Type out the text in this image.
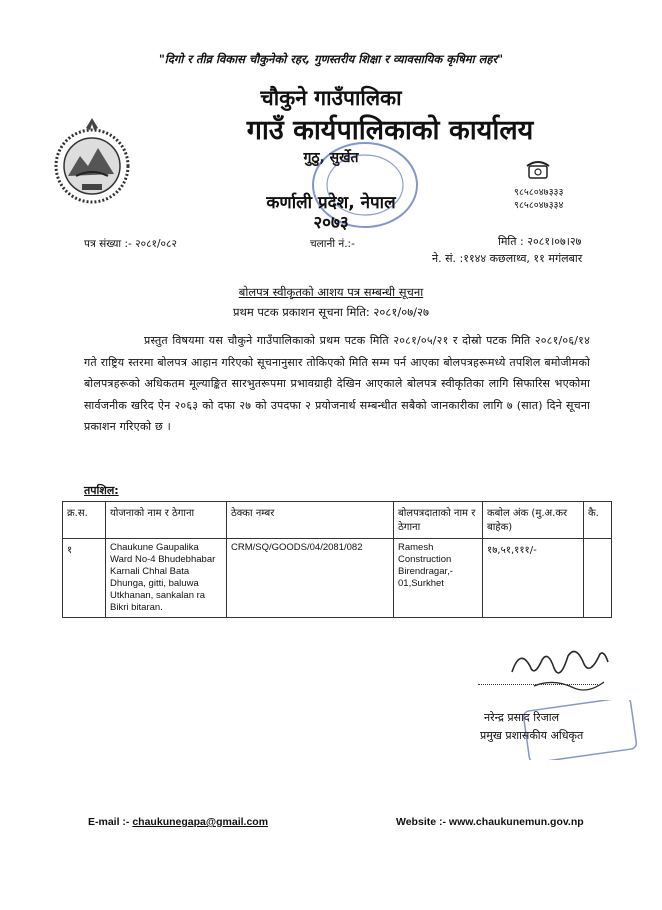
"दिगो र तीव्र विकास चौकुनेको रहर, गुणस्तरीय शिक्षा र व्यावसायिक कृषिमा लहर"
चौकुने गाउँपालिका
गाउँ कार्यपालिकाको कार्यालय
गुठु, सुर्खेत
९८५८०४७३३३
९८५८०४७३३४
कर्णाली प्रदेश, नेपाल
२०७३
पत्र संख्या :- २०८१/०८२	चलानी नं.:-	मिति : २०८१।०७।२७
ने. सं. :११४४ कछलाथ्व, ११ मगंलबार
बोलपत्र स्वीकृतको आशय पत्र सम्बन्धी सूचना
प्रथम पटक प्रकाशन सूचना मिति: २०८१/०७/२७
प्रस्तुत विषयमा यस चौकुने गाउँपालिकाको प्रथम पटक मिति २०८१/०५/२१ र दोस्रो पटक मिति २०८१/०६/१४ गते राष्ट्रिय स्तरमा बोलपत्र आहान गरिएको सूचनानुसार तोकिएको मिति सम्म पर्न आएका बोलपत्रहरूमध्ये तपशिल बमोजीमको बोलपत्रहरूको अधिकतम मूल्याङ्कित सारभुतरूपमा प्रभावग्राही देखिन आएकाले बोलपत्र स्वीकृतिका लागि सिफारिस भएकोमा सार्वजनीक खरिद ऐन २०६३ को दफा २७ को उपदफा २ प्रयोजनार्थ सम्बन्धीत सबैको जानकारीका लागि ७ (सात) दिने सूचना प्रकाशन गरिएको छ ।
तपशिल:
क्र.स.	योजनाको नाम र ठेगाना	ठेक्का नम्बर	बोलपत्रदाताको नाम र ठेगाना	कबोल अंक (मु.अ.कर बाहेक)	कै.
१	Chaukune Gaupalika Ward No-4 Bhudebhabar Karnali Chhal Bata Dhunga, gitti, baluwa Utkhanan, sankalan ra Bikri bitaran.	CRM/SQ/GOODS/04/2081/082	Ramesh Construction Birendragar,- 01,Surkhet	१७,५१,१११/-	
नरेन्द्र प्रसाद रिजाल
प्रमुख प्रशासकीय अधिकृत
E-mail :- chaukunegapa@gmail.com	Website :- www.chaukunemun.gov.np
